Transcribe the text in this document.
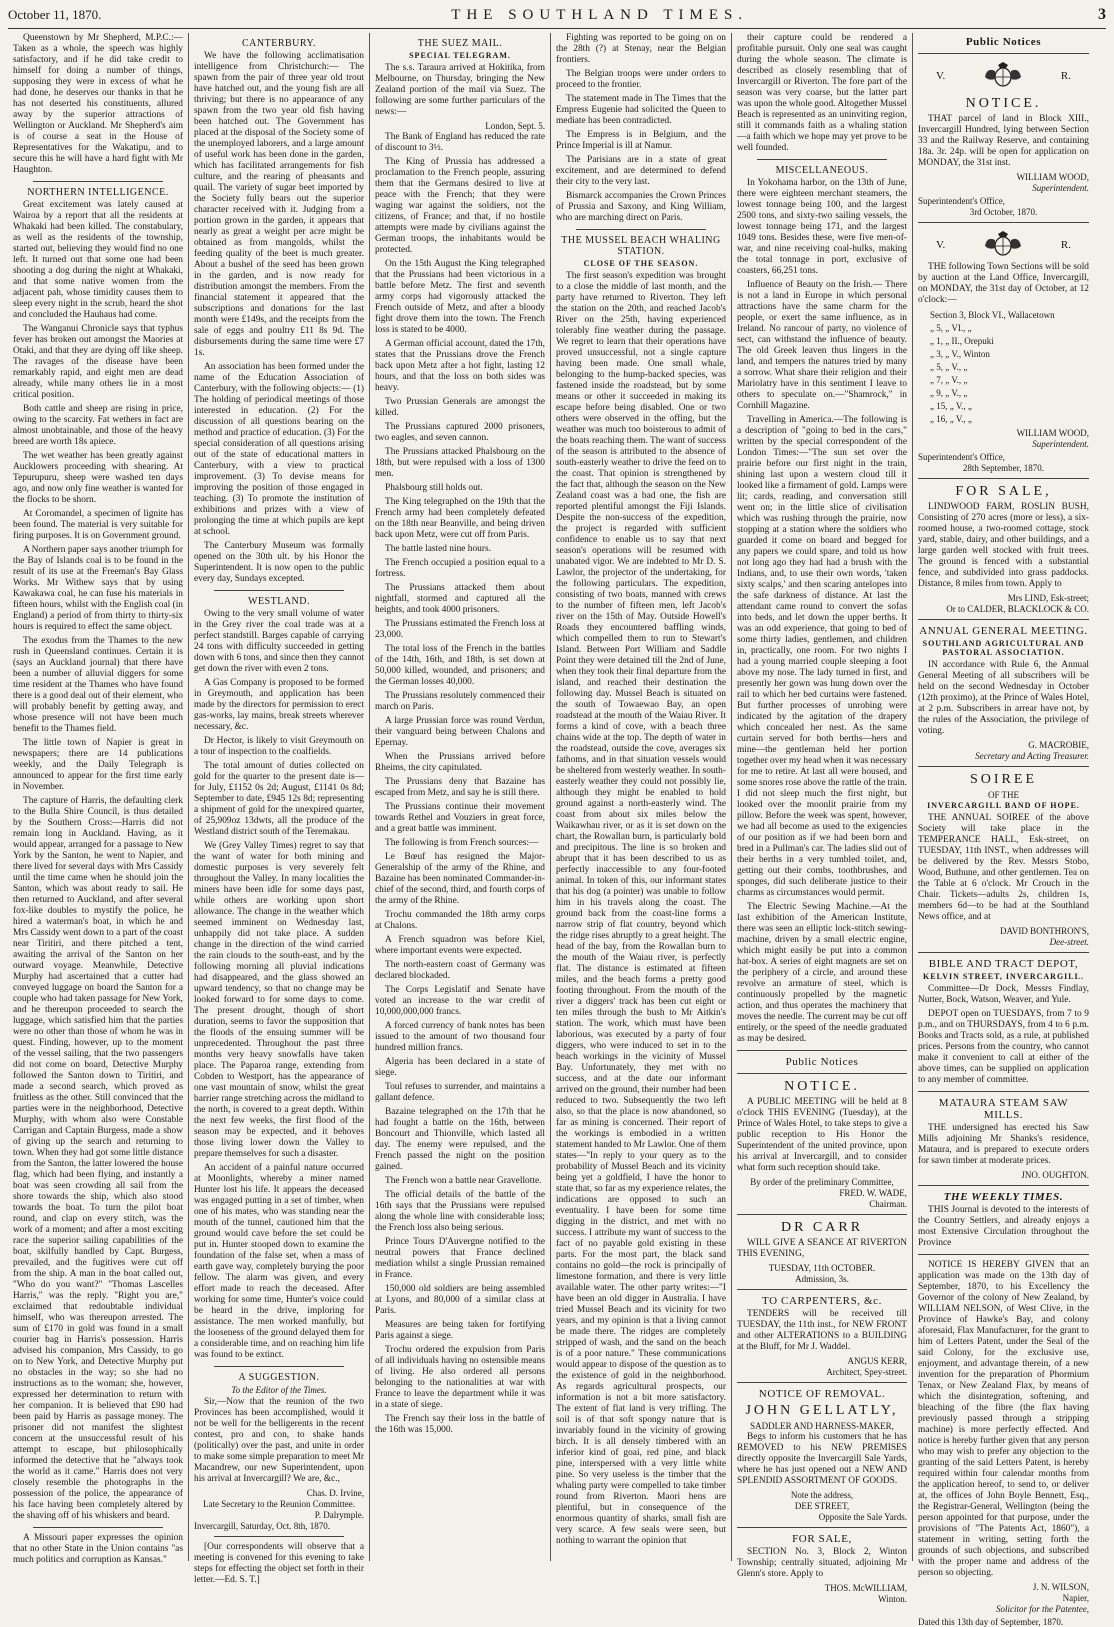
October 11, 1870.	THE SOUTHLAND TIMES.	3

Queenstown by Mr Shepherd, M.P.C.:— Taken as a whole, the speech was highly satisfactory, and if he did take credit to himself for doing a number of things, supposing they were in excess of what he had done, he deserves our thanks in that he has not deserted his constituents, allured away by the superior attractions of Wellington or Auckland. Mr Shepherd's aim is of course a seat in the House of Representatives for the Wakatipu, and to secure this he will have a hard fight with Mr Haughton.

NORTHERN INTELLIGENCE.

Great excitement was lately caused at Wairoa by a report that all the residents at Whakaki had been killed. The constabulary, as well as the residents of the township, started out, believing they would find no one left. It turned out that some one had been shooting a dog during the night at Whakaki, and that some native women from the adjacent pah, whose timidity causes them to sleep every night in the scrub, heard the shot and concluded the Hauhaus had come.

The Wanganui Chronicle says that typhus fever has broken out amongst the Maories at Otaki, and that they are dying off like sheep. The ravages of the disease have been remarkably rapid, and eight men are dead already, while many others lie in a most critical position.

Both cattle and sheep are rising in price, owing to the scarcity. Fat wethers in fact are almost unobtainable, and those of the heavy breed are worth 18s apiece.

The wet weather has been greatly against Aucklowers proceeding with shearing. At Tepurupuru, sheep were washed ten days ago, and now only fine weather is wanted for the flocks to be shorn.

At Coromandel, a specimen of lignite has been found. The material is very suitable for firing purposes. It is on Government ground.

A Northern paper says another triumph for the Bay of Islands coal is to be found in the result of its use at the Freeman's Bay Glass Works. Mr Withew says that by using Kawakawa coal, he can fuse his materials in fifteen hours, whilst with the English coal (in England) a period of from thirty to thirty-six hours is required to effect the same object.

The exodus from the Thames to the new rush in Queensland continues. Certain it is (says an Auckland journal) that there have been a number of alluvial diggers for some time resident at the Thames who have found there is a good deal out of their element, who will probably benefit by getting away, and whose presence will not have been much benefit to the Thames field.

The little town of Napier is great in newspapers; there are 14 publications weekly, and the Daily Telegraph is announced to appear for the first time early in November.

The capture of Harris, the defaulting clerk to the Bulla Shire Council, is thus detailed by the Southern Cross:—Harris did not remain long in Auckland. Having, as it would appear, arranged for a passage to New York by the Santon, he went to Napier, and there lived for several days with Mrs Cassidy until the time came when he should join the Santon, which was about ready to sail. He then returned to Auckland, and after several fox-like doubles to mystify the police, he hired a waterman's boat, in which he and Mrs Cassidy went down to a part of the coast near Tiritiri, and there pitched a tent, awaiting the arrival of the Santon on her outward voyage. Meanwhile, Detective Murphy had ascertained that a cutter had conveyed luggage on board the Santon for a couple who had taken passage for New York, and he thereupon proceeded to search the luggage, which satisfied him that the parties were no other than those of whom he was in quest. Finding, however, up to the moment of the vessel sailing, that the two passengers did not come on board, Detective Murphy followed the Santon down to Tiritiri, and made a second search, which proved as fruitless as the other. Still convinced that the parties were in the neighborhood, Detective Murphy, with whom also were Constable Carrigan and Captain Burgess, made a show of giving up the search and returning to town. When they had got some little distance from the Santon, the latter lowered the house flag, which had been flying, and instantly a boat was seen crowding all sail from the shore towards the ship, which also stood towards the boat. To turn the pilot boat round, and clap on every stitch, was the work of a moment; and after a most exciting race the superior sailing capabilities of the boat, skilfully handled by Capt. Burgess, prevailed, and the fugitives were cut off from the ship. A man in the boat called out, "Who do you want?" "Thomas Lascelles Harris," was the reply. "Right you are," exclaimed that redoubtable individual himself, who was thereupon arrested. The sum of £170 in gold was found in a small courier bag in Harris's possession. Harris advised his companion, Mrs Cassidy, to go on to New York, and Detective Murphy put no obstacles in the way; so she had no instructions as to the woman; she, however, expressed her determination to return with her companion. It is believed that £90 had been paid by Harris as passage money. The prisoner did not manifest the slightest concern at the unsuccessful result of his attempt to escape, but philosophically informed the detective that he "always took the world as it came." Harris does not very closely resemble the photographs in the possession of the police, the appearance of his face having been completely altered by the shaving off of his whiskers and beard.

A Missouri paper expresses the opinion that no other State in the Union contains "as much politics and corruption as Kansas."

CANTERBURY.

We have the following acclimatisation intelligence from Christchurch:— The spawn from the pair of three year old trout have hatched out, and the young fish are all thriving; but there is no appearance of any spawn from the two year old fish having been hatched out. The Government has placed at the disposal of the Society some of the unemployed laborers, and a large amount of useful work has been done in the garden, which has facilitated arrangements for fish culture, and the rearing of pheasants and quail. The variety of sugar beet imported by the Society fully bears out the superior character received with it. Judging from a portion grown in the garden, it appears that nearly as great a weight per acre might be obtained as from mangolds, whilst the feeding quality of the beet is much greater. About a bushel of the seed has been grown in the garden, and is now ready for distribution amongst the members. From the financial statement it appeared that the subscriptions and donations for the last month were £149s, and the receipts from the sale of eggs and poultry £11 8s 9d. The disbursements during the same time were £7 1s.

An association has been formed under the name of the Education Association of Canterbury, with the following objects:— (1) The holding of periodical meetings of those interested in education. (2) For the discussion of all questions bearing on the method and practice of education. (3) For the special consideration of all questions arising out of the state of educational matters in Canterbury, with a view to practical improvement. (3) To devise means for improving the position of those engaged in teaching. (3) To promote the institution of exhibitions and prizes with a view of prolonging the time at which pupils are kept at school.

The Canterbury Museum was formally opened on the 30th ult. by his Honor the Superintendent. It is now open to the public every day, Sundays excepted.

WESTLAND.

Owing to the very small volume of water in the Grey river the coal trade was at a perfect standstill. Barges capable of carrying 24 tons with difficulty succeeded in getting down with 6 tons, and since then they cannot get down the river with even 2 tons.

A Gas Company is proposed to be formed in Greymouth, and application has been made by the directors for permission to erect gas-works, lay mains, break streets wherever necessary, &c.

Dr Hector, is likely to visit Greymouth on a tour of inspection to the coalfields.

The total amount of duties collected on gold for the quarter to the present date is—for July, £1152 0s 2d; August, £1141 0s 8d; September to date, £945 12s 8d; representing a shipment of gold for the unexpired quarter, of 25,909oz 13dwts, all the produce of the Westland district south of the Teremakau.

We (Grey Valley Times) regret to say that the want of water for both mining and domestic purposes is very severely felt throughout the Valley. In many localities the miners have been idle for some days past, while others are working upon short allowance. The change in the weather which seemed imminent on Wednesday last, unhappily did not take place. A sudden change in the direction of the wind carried the rain clouds to the south-east, and by the following morning all pluvial indications had disappeared, and the glass showed an upward tendency, so that no change may be looked forward to for some days to come. The present drought, though of short duration, seems to favor the supposition that the floods of the ensuing summer will be unprecedented. Throughout the past three months very heavy snowfalls have taken place. The Paparoa range, extending from Cobden to Westport, has the appearance of one vast mountain of snow, whilst the great barrier range stretching across the midland to the north, is covered to a great depth. Within the next few weeks, the first flood of the season may be expected, and it behoves those living lower down the Valley to prepare themselves for such a disaster.

An accident of a painful nature occurred at Moonlights, whereby a miner named Hunter lost his life. It appears the deceased was engaged putting in a set of timber, when one of his mates, who was standing near the mouth of the tunnel, cautioned him that the ground would cave before the set could be put in. Hunter stooped down to examine the foundation of the false set, when a mass of earth gave way, completely burying the poor fellow. The alarm was given, and every effort made to reach the deceased. After working for some time, Hunter's voice could be heard in the drive, imploring for assistance. The men worked manfully, but the looseness of the ground delayed them for a considerable time, and on reaching him life was found to be extinct.

A SUGGESTION.
To the Editor of the Times.

Sir,—Now that the reunion of the two Provinces has been accomplished, would it not be well for the belligerents in the recent contest, pro and con, to shake hands (politically) over the past, and unite in order to make some simple preparation to meet Mr Macandrew, our new Superintendent, upon his arrival at Invercargill? We are, &c.,

Chas. D. Irvine,
Late Secretary to the Reunion Committee.
P. Dalrymple.
Invercargill, Saturday, Oct. 8th, 1870.

[Our correspondents will observe that a meeting is convened for this evening to take steps for effecting the object set forth in their letter.—Ed. S. T.]

THE SUEZ MAIL.
SPECIAL TELEGRAM.

The s.s. Taraura arrived at Hokitika, from Melbourne, on Thursday, bringing the New Zealand portion of the mail via Suez. The following are some further particulars of the news:—

London, Sept. 5.

The Bank of England has reduced the rate of discount to 3½.

The King of Prussia has addressed a proclamation to the French people, assuring them that the Germans desired to live at peace with the French; that they were waging war against the soldiers, not the citizens, of France; and that, if no hostile attempts were made by civilians against the German troops, the inhabitants would be protected.

On the 15th August the King telegraphed that the Prussians had been victorious in a battle before Metz. The first and seventh army corps had vigorously attacked the French outside of Metz, and after a bloody fight drove them into the town. The French loss is stated to be 4000.

A German official account, dated the 17th, states that the Prussians drove the French back upon Metz after a hot fight, lasting 12 hours, and that the loss on both sides was heavy.

Two Prussian Generals are amongst the killed.

The Prussians captured 2000 prisoners, two eagles, and seven cannon.

The Prussians attacked Phalsbourg on the 18th, but were repulsed with a loss of 1300 men.

Phalsbourg still holds out.

The King telegraphed on the 19th that the French army had been completely defeated on the 18th near Beanville, and being driven back upon Metz, were cut off from Paris.

The battle lasted nine hours.

The French occupied a position equal to a fortress.

The Prussians attacked them about nightfall, stormed and captured all the heights, and took 4000 prisoners.

The Prussians estimated the French loss at 23,000.

The total loss of the French in the battles of the 14th, 16th, and 18th, is set down at 50,000 killed, wounded, and prisoners; and the German losses 40,000.

The Prussians resolutely commenced their march on Paris.

A large Prussian force was round Verdun, their vanguard being between Chalons and Epernay.

When the Prussians arrived before Rheims, the city capitulated.

The Prussians deny that Bazaine has escaped from Metz, and say he is still there.

The Prussians continue their movement towards Rethel and Vouziers in great force, and a great battle was imminent.

The following is from French sources:—

Le Bœuf has resigned the Major-Generalship of the army of the Rhine, and Bazaine has been nominated Commander-in-chief of the second, third, and fourth corps of the army of the Rhine.

Trochu commanded the 18th army corps at Chalons.

A French squadron was before Kiel, where important events were expected.

The north-eastern coast of Germany was declared blockaded.

The Corps Legislatif and Senate have voted an increase to the war credit of 10,000,000,000 francs.

A forced currency of bank notes has been issued to the amount of two thousand four hundred million francs.

Algeria has been declared in a state of siege.

Toul refuses to surrender, and maintains a gallant defence.

Bazaine telegraphed on the 17th that he had fought a battle on the 16th, between Boncourt and Thionville, which lasted all day. The enemy were repulsed, and the French passed the night on the position gained.

The French won a battle near Gravellotte.

The official details of the battle of the 16th says that the Prussians were repulsed along the whole line with considerable loss; the French loss also being serious.

Prince Tours D'Auvergne notified to the neutral powers that France declined mediation whilst a single Prussian remained in France.

150,000 old soldiers are being assembled at Lyons, and 80,000 of a similar class at Paris.

Measures are being taken for fortifying Paris against a siege.

Trochu ordered the expulsion from Paris of all individuals having no ostensible means of living. He also ordered all persons belonging to the nationalities at war with France to leave the department while it was in a state of siege.

The French say their loss in the battle of the 16th was 15,000.

Fighting was reported to be going on on the 28th (?) at Stenay, near the Belgian frontiers.

The Belgian troops were under orders to proceed to the frontier.

The statement made in The Times that the Empress Eugenie had solicited the Queen to mediate has been contradicted.

The Empress is in Belgium, and the Prince Imperial is ill at Namur.

The Parisians are in a state of great excitement, and are determined to defend their city to the very last.

Bismarck accompanies the Crown Princes of Prussia and Saxony, and King William, who are marching direct on Paris.

THE MUSSEL BEACH WHALING STATION.
CLOSE OF THE SEASON.

The first season's expedition was brought to a close the middle of last month, and the party have returned to Riverton. They left the station on the 20th, and reached Jacob's River on the 25th, having experienced tolerably fine weather during the passage. We regret to learn that their operations have proved unsuccessful, not a single capture having been made. One small whale, belonging to the hump-backed species, was fastened inside the roadstead, but by some means or other it succeeded in making its escape before being disabled. One or two others were observed in the offing, but the weather was much too boisterous to admit of the boats reaching them. The want of success of the season is attributed to the absence of south-easterly weather to drive the feed on to the coast. That opinion is strengthened by the fact that, although the season on the New Zealand coast was a bad one, the fish are reported plentiful amongst the Fiji Islands. Despite the non-success of the expedition, the project is regarded with sufficient confidence to enable us to say that next season's operations will be resumed with unabated vigor. We are indebted to Mr D. S. Lawlor, the projector of the undertaking, for the following particulars. The expedition, consisting of two boats, manned with crews to the number of fifteen men, left Jacob's river on the 15th of May. Outside Howell's Roads they encountered baffling winds, which compelled them to run to Stewart's Island. Between Port William and Saddle Point they were detained till the 2nd of June, when they took their final departure from the island, and reached their destination the following day. Mussel Beach is situated on the south of Towaewao Bay, an open roadstead at the mouth of the Waiau River. It forms a kind of cove, with a beach three chains wide at the top. The depth of water in the roadstead, outside the cove, averages six fathoms, and in that situation vessels would be sheltered from westerly weather. In south-easterly weather they could not possibly lie, although they might be enabled to hold ground against a north-easterly wind. The coast from about six miles below the Waikawhau river, or as it is set down on the chart, the Rowallan burn, is particularly bold and precipitous. The line is so broken and abrupt that it has been described to us as perfectly inaccessible to any four-footed animal. In token of this, our informant states that his dog (a pointer) was unable to follow him in his travels along the coast. The ground back from the coast-line forms a narrow strip of flat country, beyond which the ridge rises abruptly to a great height. The head of the bay, from the Rowallan burn to the mouth of the Waiau river, is perfectly flat. The distance is estimated at fifteen miles, and the beach forms a pretty good footing throughout. From the mouth of the river a diggers' track has been cut eight or ten miles through the bush to Mr Aitkin's station. The work, which must have been laborious, was executed by a party of four diggers, who were induced to set in to the beach workings in the vicinity of Mussel Bay. Unfortunately, they met with no success, and at the date our informant arrived on the ground, their number had been reduced to two. Subsequently the two left also, so that the place is now abandoned, so far as mining is concerned. Their report of the workings is embodied in a written statement handed to Mr Lawlor. One of them states—"In reply to your query as to the probability of Mussel Beach and its vicinity being yet a goldfield, I have the honor to state that, so far as my experience relates, the indications are opposed to such an eventuality. I have been for some time digging in the district, and met with no success. I attribute my want of success to the fact of no payable gold existing in these parts. For the most part, the black sand contains no gold—the rock is principally of limestone formation, and there is very little available water. The other party writes:—"I have been an old digger in Australia. I have tried Mussel Beach and its vicinity for two years, and my opinion is that a living cannot be made there. The ridges are completely stripped of wash, and the sand on the beach is of a poor nature." These communications would appear to dispose of the question as to the existence of gold in the neighborhood. As regards agricultural prospects, our information is not a bit more satisfactory. The extent of flat land is very trifling. The soil is of that soft spongy nature that is invariably found in the vicinity of growing birch. It is all densely timbered with an inferior kind of goai, red pine, and black pine, interspersed with a very little white pine. So very useless is the timber that the whaling party were compelled to take timber round from Riverton. Maori hens are plentiful, but in consequence of the enormous quantity of sharks, small fish are very scarce. A few seals were seen, but nothing to warrant the opinion that

their capture could be rendered a profitable pursuit. Only one seal was caught during the whole season. The climate is described as closely resembling that of Invercargill or Riverton. The fore part of the season was very coarse, but the latter part was upon the whole good. Altogether Mussel Beach is represented as an uninviting region, still it commands faith as a whaling station—a faith which we hope may yet prove to be well founded.

MISCELLANEOUS.

In Yokohama harbor, on the 13th of June, there were eighteen merchant steamers, the lowest tonnage being 100, and the largest 2500 tons, and sixty-two sailing vessels, the lowest tonnage being 171, and the largest 1049 tons. Besides these, were five men-of-war, and nine receiving coal-hulks, making the total tonnage in port, exclusive of coasters, 66,251 tons.

Influence of Beauty on the Irish.— There is not a land in Europe in which personal attractions have the same charm for the people, or exert the same influence, as in Ireland. No rancour of party, no violence of sect, can withstand the influence of beauty. The old Greek leaven thus lingers in the land, and tempers the natures tried by many a sorrow. What share their religion and their Mariolatry have in this sentiment I leave to others to speculate on.—"Shamrock," in Cornhill Magazine.

Travelling in America.—The following is a description of "going to bed in the cars," written by the special correspondent of the London Times:—"The sun set over the prairie before our first night in the train, shining last upon a western cloud till it looked like a firmament of gold. Lamps were lit; cards, reading, and conversation still went on; in the little slice of civilisation which was rushing through the prairie, now stopping at a station where the soldiers who guarded it come on board and begged for any papers we could spare, and told us how not long ago they had had a brush with the Indians, and, to use their own words, 'taken sixty scalps,' and then scaring antelopes into the safe darkness of distance. At last the attendant came round to convert the sofas into beds, and let down the upper berths. It was an odd experience, that going to bed of some thirty ladies, gentlemen, and children in, practically, one room. For two nights I had a young married couple sleeping a foot above my nose. The lady turned in first, and presently her gown was hung down over the rail to which her bed curtains were fastened. But further processes of unrobing were indicated by the agitation of the drapery which concealed her nest. As the same curtain served for both berths—hers and mine—the gentleman held her portion together over my head when it was necessary for me to retire. At last all were housed, and some snores rose above the rattle of the train. I did not sleep much the first night, but looked over the moonlit prairie from my pillow. Before the week was spent, however, we had all become as used to the exigencies of our position as if we had been born and bred in a Pullman's car. The ladies slid out of their berths in a very tumbled toilet, and, getting out their combs, toothbrushes, and sponges, did such deliberate justice to their charms as circumstances would permit.

The Electric Sewing Machine.—At the last exhibition of the American Institute, there was seen an elliptic lock-stitch sewing-machine, driven by a small electric engine, which might easily be put into a common hat-box. A series of eight magnets are set on the periphery of a circle, and around these revolve an armature of steel, which is continuously propelled by the magnetic action, and thus operates the machinery that moves the needle. The current may be cut off entirely, or the speed of the needle graduated as may be desired.

Public Notices
NOTICE.

A PUBLIC MEETING will be held at 8 o'clock THIS EVENING (Tuesday), at the Prince of Wales Hotel, to take steps to give a public reception to His Honor the Superintendent of the united province, upon his arrival at Invercargill, and to consider what form such reception should take.

By order of the preliminary Committee,
FRED. W. WADE,
Chairman.
DR CARR

WILL GIVE A SEANCE AT RIVERTON THIS EVENING,

TUESDAY, 11th OCTOBER.
Admission, 3s.
TO CARPENTERS, &c.

TENDERS will be received till TUESDAY, the 11th inst., for NEW FRONT and other ALTERATIONS to a BUILDING at the Bluff, for Mr J. Waddel.

ANGUS KERR,
Architect, Spey-street.
NOTICE OF REMOVAL.
JOHN GELLATLY,
SADDLER AND HARNESS-MAKER,

Begs to inform his customers that he has REMOVED to his NEW PREMISES directly opposite the Invercargill Sale Yards, where he has just opened out a NEW AND SPLENDID ASSORTMENT OF GOODS.

Note the address,
DEE STREET,
Opposite the Sale Yards.
FOR SALE,

SECTION No. 3, Block 2, Winton Township; centrally situated, adjoining Mr Glenn's store. Apply to

THOS. McWILLIAM,
Winton.
Public Notices
V.	R.
NOTICE.

THAT parcel of land in Block XIII., Invercargill Hundred, lying between Section 33 and the Railway Reserve, and containing 18a. 3r. 24p. will be open for application on MONDAY, the 31st inst.

WILLIAM WOOD,
Superintendent.
Superintendent's Office,
3rd October, 1870.
V.	R.

THE following Town Sections will be sold by auction at the Land Office, Invercargill, on MONDAY, the 31st day of October, at 12 o'clock:—

Section 3, Block VI., Wallacetown
„ 5, „ VI., „
„ 1, „ II., Orepuki
„ 3, „ V., Winton
„ 5, „ V., „
„ 7, „ V., „
„ 9, „ V., „
„ 15, „ V., „
„ 16, „ V., „
WILLIAM WOOD,
Superintendent.
Superintendent's Office,
28th September, 1870.
FOR SALE,

LINDWOOD FARM, ROSLIN BUSH, Consisting of 270 acres (more or less), a six-roomed house, a two-roomed cottage, stock yard, stable, dairy, and other buildings, and a large garden well stocked with fruit trees. The ground is fenced with a substantial fence, and subdivided into grass paddocks. Distance, 8 miles from town. Apply to

Mrs LIND, Esk-street;
Or to CALDER, BLACKLOCK & CO.
ANNUAL GENERAL MEETING.
SOUTHLAND AGRICULTURAL AND PASTORAL ASSOCIATION.

IN accordance with Rule 6, the Annual General Meeting of all subscribers will be held on the second Wednesday in October (12th proximo), at the Prince of Wales Hotel, at 2 p.m. Subscribers in arrear have not, by the rules of the Association, the privilege of voting.

G. MACROBIE,
Secretary and Acting Treasurer.
SOIREE
OF THE
INVERCARGILL BAND OF HOPE.

THE ANNUAL SOIREE of the above Society will take place in the TEMPERANCE HALL, Esk-street, on TUESDAY, 11th INST., when addresses will be delivered by the Rev. Messrs Stobo, Wood, Buthune, and other gentlemen. Tea on the Table at 6 o'clock. Mr Crouch in the Chair. Tickets—adults 2s, children 1s, members 6d—to be had at the Southland News office, and at

DAVID BONTHRON'S,
Dee-street.
BIBLE AND TRACT DEPOT,
KELVIN STREET, INVERCARGILL.

Committee—Dr Dock, Messrs Findlay, Nutter, Bock, Watson, Weaver, and Yule.

DEPOT open on TUESDAYS, from 7 to 9 p.m., and on THURSDAYS, from 4 to 6 p.m. Books and Tracts sold, as a rule, at published prices. Persons from the country, who cannot make it convenient to call at either of the above times, can be supplied on application to any member of committee.

MATAURA STEAM SAW MILLS.

THE undersigned has erected his Saw Mills adjoining Mr Shanks's residence, Mataura, and is prepared to execute orders for sawn timber at moderate prices.

JNO. OUGHTON.
THE WEEKLY TIMES.

THIS Journal is devoted to the interests of the Country Settlers, and already enjoys a most Extensive Circulation throughout the Province

NOTICE IS HEREBY GIVEN that an application was made on the 13th day of September, 1870, to his Excellency the Governor of the colony of New Zealand, by WILLIAM NELSON, of West Clive, in the Province of Hawke's Bay, and colony aforesaid, Flax Manufacturer, for the grant to him of Letters Patent, under the Seal of the said Colony, for the exclusive use, enjoyment, and advantage therein, of a new invention for the preparation of Phormium Tenax, or New Zealand Flax, by means of which the disintegration, softening, and bleaching of the fibre (the flax having previously passed through a stripping machine) is more perfectly effected. And notice is hereby further given that any person who may wish to prefer any objection to the granting of the said Letters Patent, is hereby required within four calendar months from the application hereof, to send to, or deliver at, the offices of John Boyle Bennett, Esq., the Registrar-General, Wellington (being the person appointed for that purpose, under the provisions of "The Patents Act, 1860"), a statement in writing, setting forth the grounds of such objections, and subscribed with the proper name and address of the person so objecting.

J. N. WILSON,
Napier,
Solicitor for the Patentee,
Dated this 13th day of September, 1870.
